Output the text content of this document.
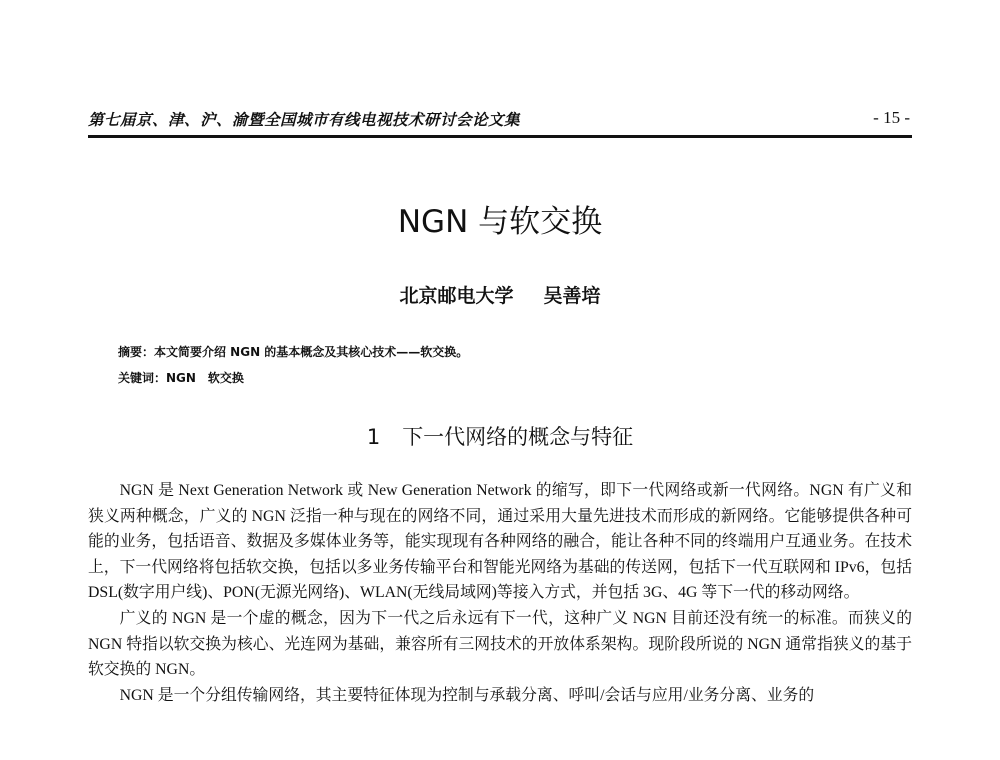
第七届京、津、沪、渝暨全国城市有线电视技术研讨会论文集	- 15 -
NGN 与软交换
北京邮电大学 吴善培
摘要：本文简要介绍 NGN 的基本概念及其核心技术——软交换。
关键词：NGN　软交换
1 下一代网络的概念与特征

NGN 是 Next Generation Network 或 New Generation Network 的缩写，即下一代网络或新一代网络。NGN 有广义和狭义两种概念，广义的 NGN 泛指一种与现在的网络不同，通过采用大量先进技术而形成的新网络。它能够提供各种可能的业务，包括语音、数据及多媒体业务等，能实现现有各种网络的融合，能让各种不同的终端用户互通业务。在技术上，下一代网络将包括软交换，包括以多业务传输平台和智能光网络为基础的传送网，包括下一代互联网和 IPv6，包括 DSL(数字用户线)、PON(无源光网络)、WLAN(无线局域网)等接入方式，并包括 3G、4G 等下一代的移动网络。

广义的 NGN 是一个虚的概念，因为下一代之后永远有下一代，这种广义 NGN 目前还没有统一的标准。而狭义的 NGN 特指以软交换为核心、光连网为基础，兼容所有三网技术的开放体系架构。现阶段所说的 NGN 通常指狭义的基于软交换的 NGN。

NGN 是一个分组传输网络，其主要特征体现为控制与承载分离、呼叫/会话与应用/业务分离、业务的
